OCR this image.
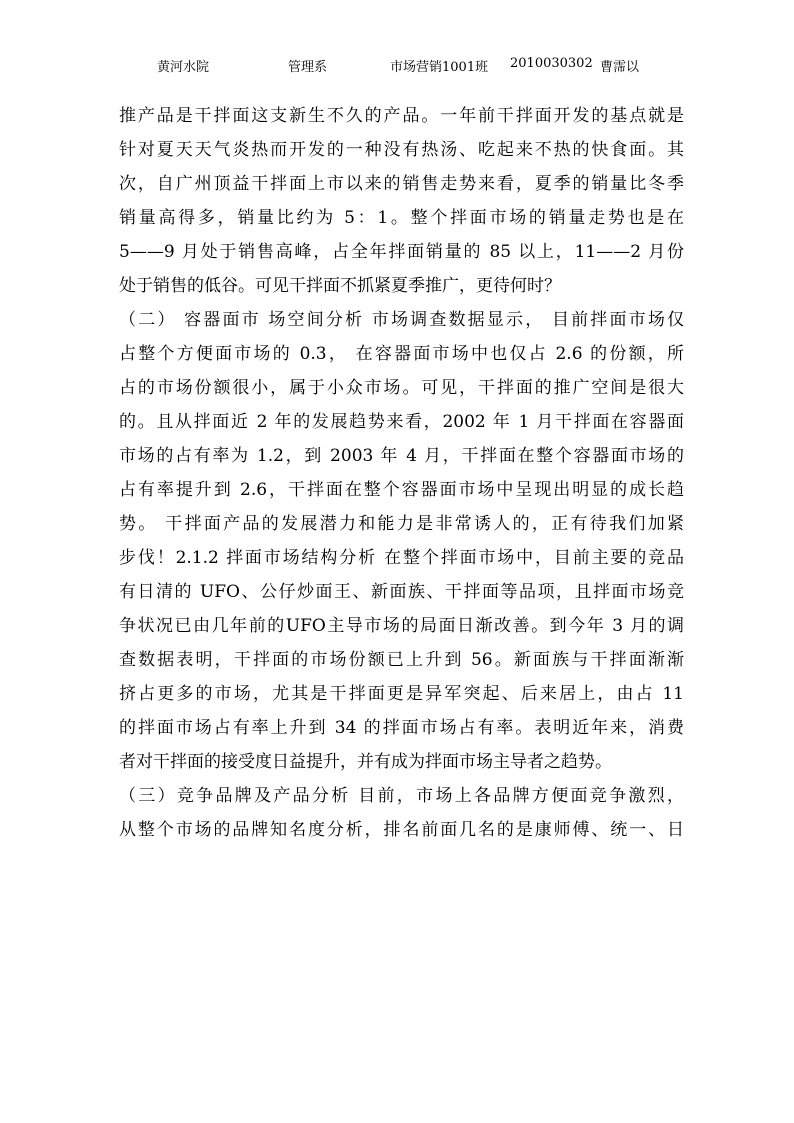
黄河水院	管理系	市场营销1001班 2010030302 曹霈以
推产品是干拌面这支新生不久的产品。一年前干拌面开发的基点就是
针对夏天天气炎热而开发的一种没有热汤、吃起来不热的快食面。其
次，自广州顶益干拌面上市以来的销售走势来看，夏季的销量比冬季
销量高得多，销量比约为 5：1。整个拌面市场的销量走势也是在
5——9 月处于销售高峰，占全年拌面销量的 85 以上，11——2 月份
处于销售的低谷。可见干拌面不抓紧夏季推广，更待何时？
（二） 容器面市 场空间分析 市场调查数据显示， 目前拌面市场仅
占整个方便面市场的 0.3， 在容器面市场中也仅占 2.6 的份额，所
占的市场份额很小，属于小众市场。可见，干拌面的推广空间是很大
的。且从拌面近 2 年的发展趋势来看，2002 年 1 月干拌面在容器面
市场的占有率为 1.2，到 2003 年 4 月，干拌面在整个容器面市场的
占有率提升到 2.6，干拌面在整个容器面市场中呈现出明显的成长趋
势。 干拌面产品的发展潜力和能力是非常诱人的，正有待我们加紧
步伐！2.1.2 拌面市场结构分析 在整个拌面市场中，目前主要的竞品
有日清的 UFO、公仔炒面王、新面族、干拌面等品项，且拌面市场竞
争状况已由几年前的UFO主导市场的局面日渐改善。到今年 3 月的调
查数据表明，干拌面的市场份额已上升到 56。新面族与干拌面渐渐
挤占更多的市场，尤其是干拌面更是异军突起、后来居上，由占 11
的拌面市场占有率上升到 34 的拌面市场占有率。表明近年来，消费
者对干拌面的接受度日益提升，并有成为拌面市场主导者之趋势。
（三）竞争品牌及产品分析 目前，市场上各品牌方便面竞争激烈，
从整个市场的品牌知名度分析，排名前面几名的是康师傅、统一、日
